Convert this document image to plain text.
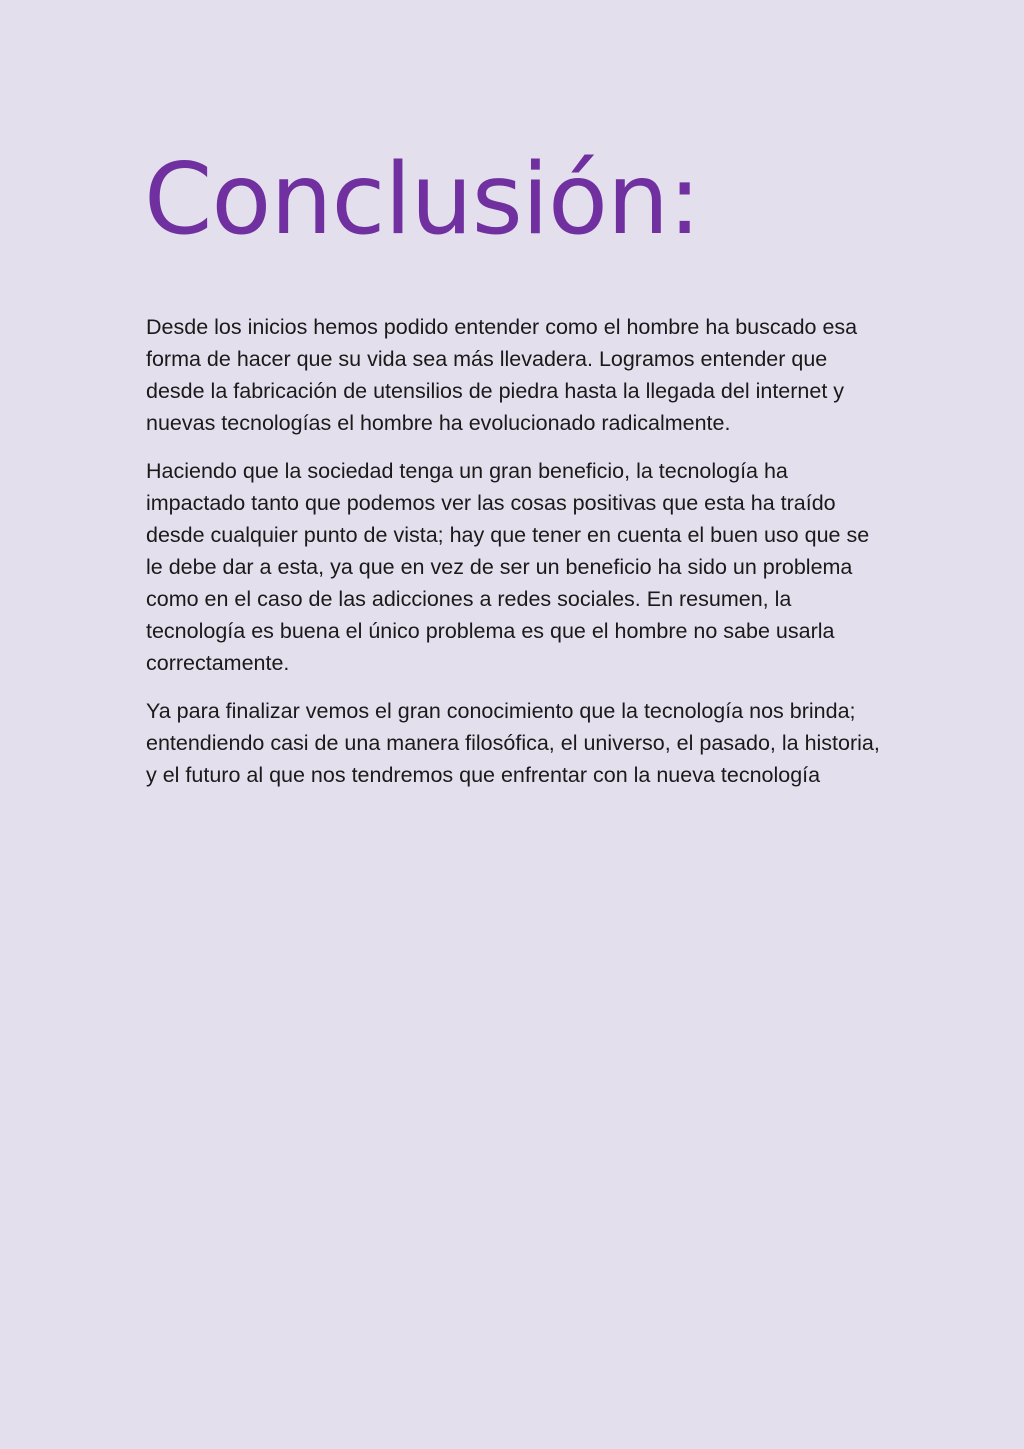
Conclusión:

Desde los inicios hemos podido entender como el hombre ha buscado esa forma de hacer que su vida sea más llevadera. Logramos entender que desde la fabricación de utensilios de piedra hasta la llegada del internet y nuevas tecnologías el hombre ha evolucionado radicalmente.

Haciendo que la sociedad tenga un gran beneficio, la tecnología ha impactado tanto que podemos ver las cosas positivas que esta ha traído desde cualquier punto de vista; hay que tener en cuenta el buen uso que se le debe dar a esta, ya que en vez de ser un beneficio ha sido un problema como en el caso de las adicciones a redes sociales. En resumen, la tecnología es buena el único problema es que el hombre no sabe usarla correctamente.

Ya para finalizar vemos el gran conocimiento que la tecnología nos brinda; entendiendo casi de una manera filosófica, el universo, el pasado, la historia, y el futuro al que nos tendremos que enfrentar con la nueva tecnología
